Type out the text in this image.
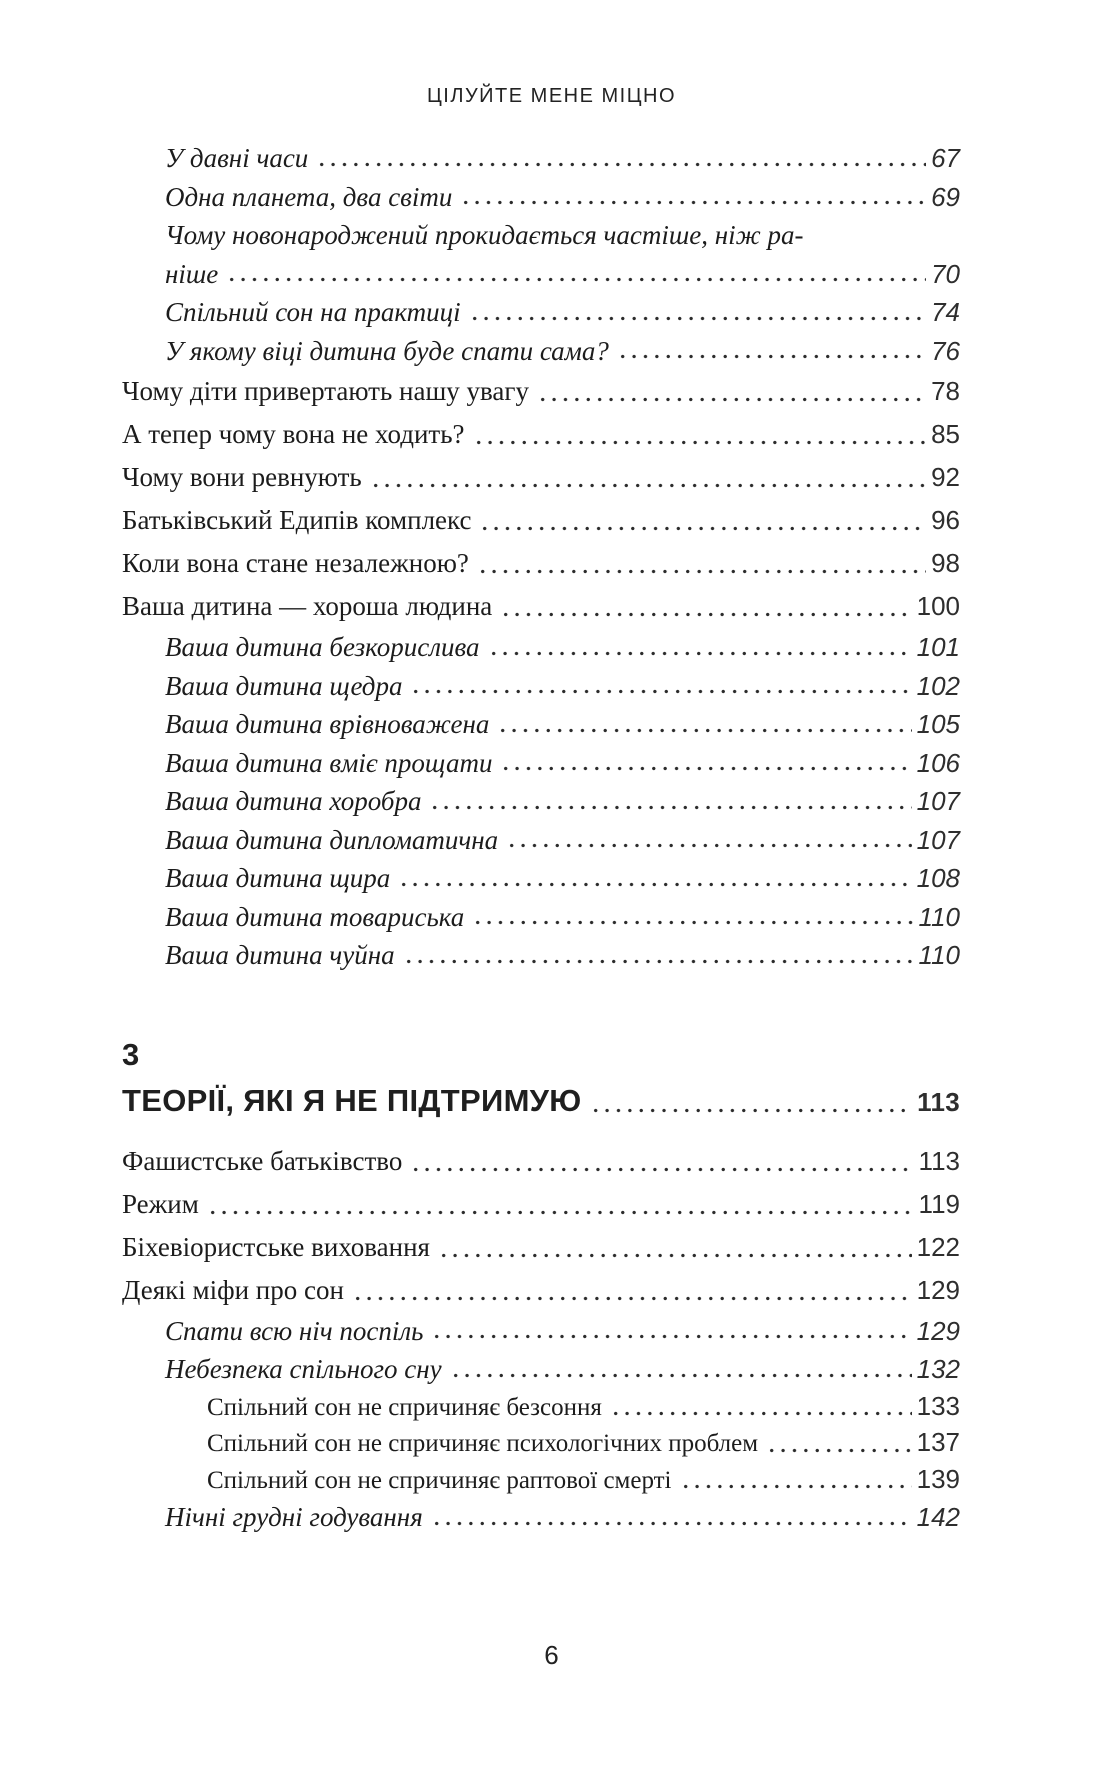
ЦІЛУЙТЕ МЕНЕ МІЦНО
У давні часи	67
Одна планета, два світи	69
Чому новонароджений прокидається частіше, ніж ра-
ніше	70
Спільний сон на практиці	74
У якому віці дитина буде спати сама?	76
Чому діти привертають нашу увагу	78
А тепер чому вона не ходить?	85
Чому вони ревнують	92
Батьківський Едипів комплекс	96
Коли вона стане незалежною?	98
Ваша дитина — хороша людина	100
Ваша дитина безкорислива	101
Ваша дитина щедра	102
Ваша дитина врівноважена	105
Ваша дитина вміє прощати	106
Ваша дитина хоробра	107
Ваша дитина дипломатична	107
Ваша дитина щира	108
Ваша дитина товариська	110
Ваша дитина чуйна	110
3
ТЕОРІЇ, ЯКІ Я НЕ ПІДТРИМУЮ	113
Фашистське батьківство	113
Режим	119
Біхевіористське виховання	122
Деякі міфи про сон	129
Спати всю ніч поспіль	129
Небезпека спільного сну	132
Спільний сон не спричиняє безсоння	133
Спільний сон не спричиняє психологічних проблем	137
Спільний сон не спричиняє раптової смерті	139
Нічні грудні годування	142
6
